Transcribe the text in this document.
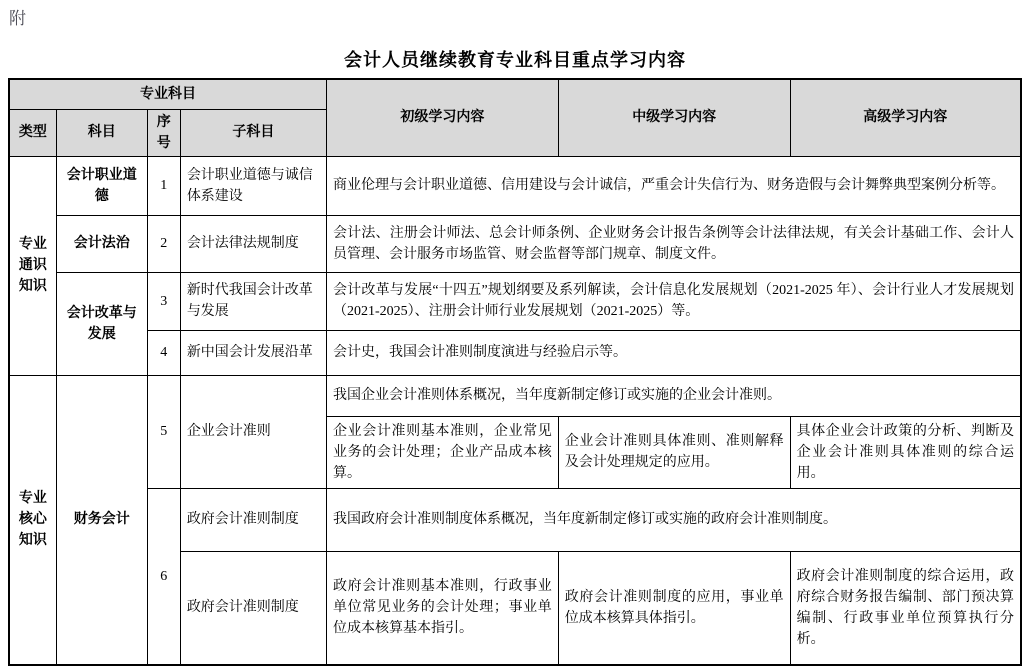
附
会计人员继续教育专业科目重点学习内容
专业科目				初级学习内容	中级学习内容	高级学习内容
类型	科目	序号	子科目			
专业通识知识	会计职业道德	1	会计职业道德与诚信体系建设	商业伦理与会计职业道德、信用建设与会计诚信，严重会计失信行为、财务造假与会计舞弊典型案例分析等。		
	会计法治	2	会计法律法规制度	会计法、注册会计师法、总会计师条例、企业财务会计报告条例等会计法律法规，有关会计基础工作、会计人员管理、会计服务市场监管、财会监督等部门规章、制度文件。		
	会计改革与发展	3	新时代我国会计改革与发展	会计改革与发展“十四五”规划纲要及系列解读，会计信息化发展规划（2021-2025 年）、会计行业人才发展规划（2021-2025）、注册会计师行业发展规划（2021-2025）等。		
		4	新中国会计发展沿革	会计史，我国会计准则制度演进与经验启示等。		
专业核心知识	财务会计	5	企业会计准则	我国企业会计准则体系概况，当年度新制定修订或实施的企业会计准则。		
				企业会计准则基本准则，企业常见业务的会计处理；企业产品成本核算。	企业会计准则具体准则、准则解释及会计处理规定的应用。	具体企业会计政策的分析、判断及企业会计准则具体准则的综合运用。
		6	政府会计准则制度	我国政府会计准则制度体系概况，当年度新制定修订或实施的政府会计准则制度。		
			政府会计准则制度	政府会计准则基本准则，行政事业单位常见业务的会计处理；事业单位成本核算基本指引。	政府会计准则制度的应用，事业单位成本核算具体指引。	政府会计准则制度的综合运用，政府综合财务报告编制、部门预决算编制、行政事业单位预算执行分析。
